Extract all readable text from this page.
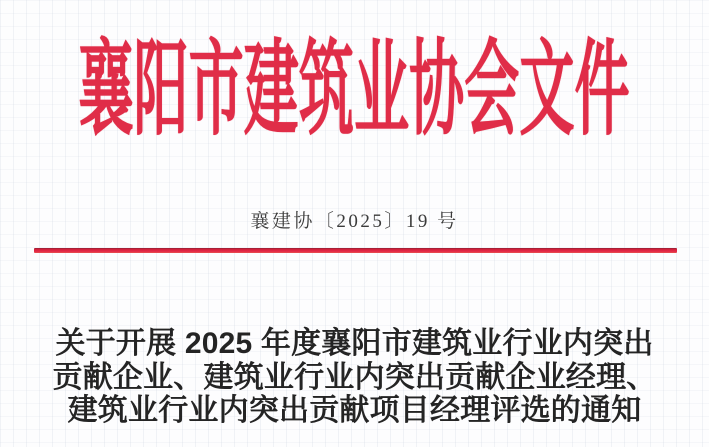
襄阳市建筑业协会文件
襄建协〔2025〕19 号
关于开展 2025 年度襄阳市建筑业行业内突出
贡献企业、建筑业行业内突出贡献企业经理、
建筑业行业内突出贡献项目经理评选的通知
